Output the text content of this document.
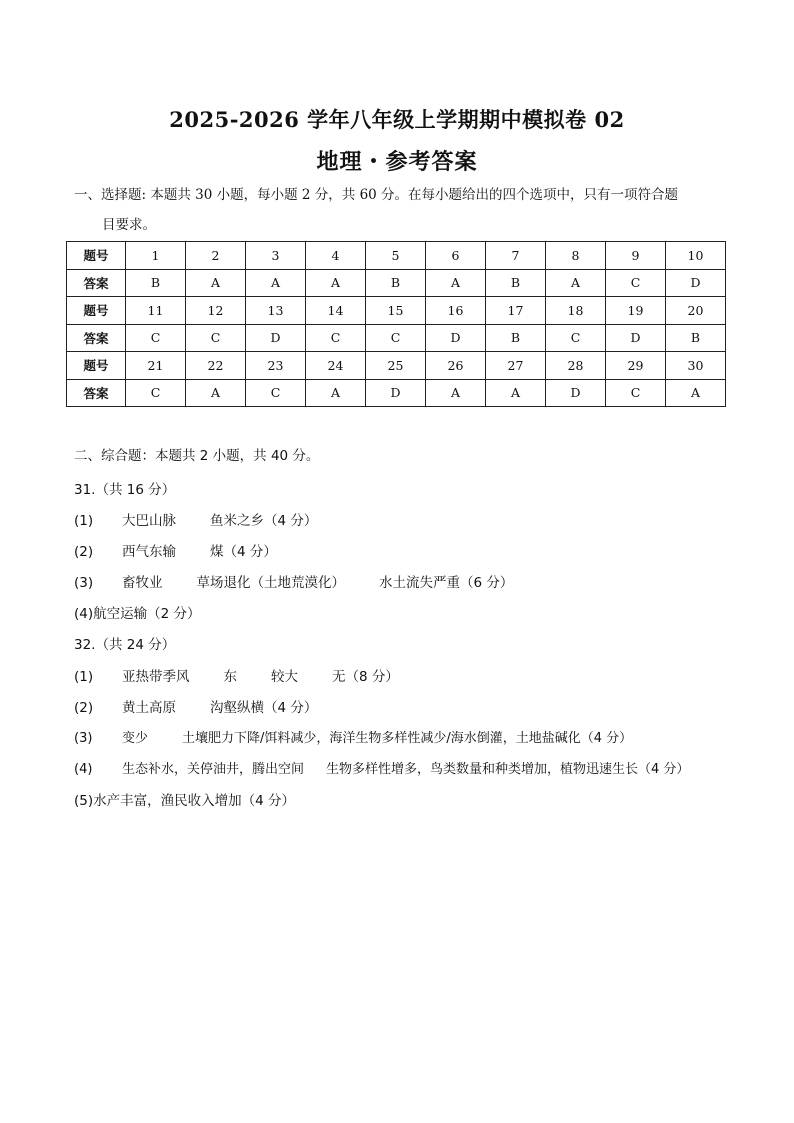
2025-2026 学年八年级上学期期中模拟卷 02
地理・参考答案
一、选择题: 本题共 30 小题，每小题 2 分，共 60 分。在每小题给出的四个选项中，只有一项符合题
目要求。
题号	1	2	3	4	5	6	7	8	9	10
答案	B	A	A	A	B	A	B	A	C	D
题号	11	12	13	14	15	16	17	18	19	20
答案	C	C	D	C	C	D	B	C	D	B
题号	21	22	23	24	25	26	27	28	29	30
答案	C	A	C	A	D	A	A	D	C	A
二、综合题：本题共 2 小题，共 40 分。
31.（共 16 分）
(1) 大巴山脉	鱼米之乡（4 分）
(2) 西气东输	煤（4 分）
(3) 畜牧业	草场退化（土地荒漠化）	水土流失严重（6 分）
(4)航空运输（2 分）
32.（共 24 分）
(1) 亚热带季风	东	较大	无（8 分）
(2) 黄土高原	沟壑纵横（4 分）
(3) 变少	土壤肥力下降/饵料减少，海洋生物多样性减少/海水倒灌，土地盐碱化（4 分）
(4) 生态补水，关停油井，腾出空间 生物多样性增多，鸟类数量和种类增加，植物迅速生长（4 分）
(5)水产丰富，渔民收入增加（4 分）
